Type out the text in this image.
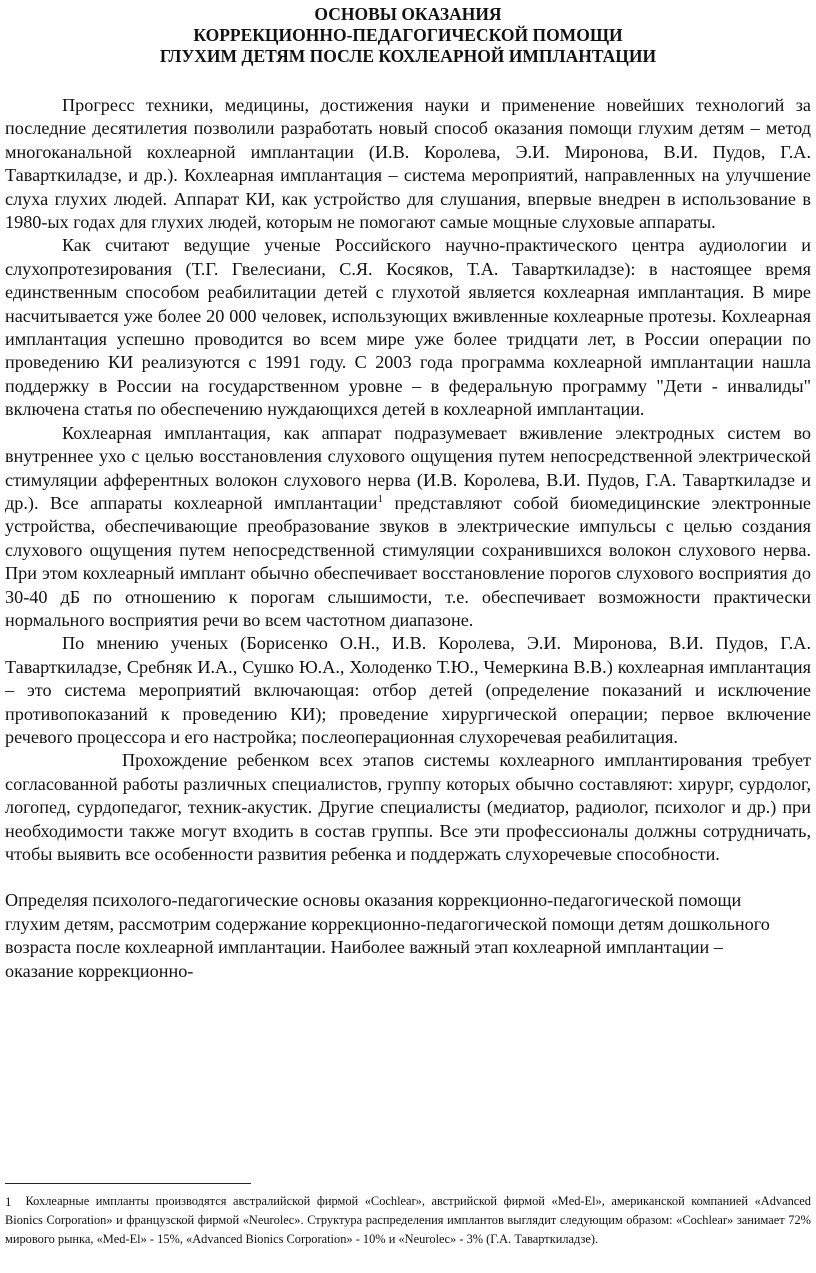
ОСНОВЫ ОКАЗАНИЯ
КОРРЕКЦИОННО-ПЕДАГОГИЧЕСКОЙ ПОМОЩИ
ГЛУХИМ ДЕТЯМ ПОСЛЕ КОХЛЕАРНОЙ ИМПЛАНТАЦИИ

Прогресс техники, медицины, достижения науки и применение новейших технологий за последние десятилетия позволили разработать новый способ оказания помощи глухим детям – метод многоканальной кохлеарной имплантации (И.В. Королева, Э.И. Миронова, В.И. Пудов, Г.А. Таварткиладзе, и др.). Кохлеарная имплантация – система мероприятий, направленных на улучшение слуха глухих людей. Аппарат КИ, как устройство для слушания, впервые внедрен в использование в 1980-ых годах для глухих людей, которым не помогают самые мощные слуховые аппараты.

Как считают ведущие ученые Российского научно-практического центра аудиологии и слухопротезирования (Т.Г. Гвелесиани, С.Я. Косяков, Т.А. Таварткиладзе): в настоящее время единственным способом реабилитации детей с глухотой является кохлеарная имплантация. В мире насчитывается уже более 20 000 человек, использующих вживленные кохлеарные протезы. Кохлеарная имплантация успешно проводится во всем мире уже более тридцати лет, в России операции по проведению КИ реализуются с 1991 году. С 2003 года программа кохлеарной имплантации нашла поддержку в России на государственном уровне – в федеральную программу "Дети - инвалиды" включена статья по обеспечению нуждающихся детей в кохлеарной имплантации.

Кохлеарная имплантация, как аппарат подразумевает вживление электродных систем во внутреннее ухо с целью восстановления слухового ощущения путем непосредственной электрической стимуляции афферентных волокон слухового нерва (И.В. Королева, В.И. Пудов, Г.А. Таварткиладзе и др.). Все аппараты кохлеарной имплантации$^1$ представляют собой биомедицинские электронные устройства, обеспечивающие преобразование звуков в электрические импульсы с целью создания слухового ощущения путем непосредственной стимуляции сохранившихся волокон слухового нерва. При этом кохлеарный имплант обычно обеспечивает восстановление порогов слухового восприятия до 30-40 дБ по отношению к порогам слышимости, т.е. обеспечивает возможности практически нормального восприятия речи во всем частотном диапазоне.

По мнению ученых (Борисенко О.Н., И.В. Королева, Э.И. Миронова, В.И. Пудов, Г.А. Таварткиладзе, Сребняк И.А., Сушко Ю.А., Холоденко Т.Ю., Чемеркина В.В.) кохлеарная имплантация – это система мероприятий включающая: отбор детей (определение показаний и исключение противопоказаний к проведению КИ); проведение хирургической операции; первое включение речевого процессора и его настройка; послеоперационная слухоречевая реабилитация.

Прохождение ребенком всех этапов системы кохлеарного имплантирования требует согласованной работы различных специалистов, группу которых обычно составляют: хирург, сурдолог, логопед, сурдопедагог, техник-акустик. Другие специалисты (медиатор, радиолог, психолог и др.) при необходимости также могут входить в состав группы. Все эти профессионалы должны сотрудничать, чтобы выявить все особенности развития ребенка и поддержать слухоречевые способности.

Определяя психолого-педагогические основы оказания коррекционно-педагогической помощи глухим детям, рассмотрим содержание коррекционно-педагогической помощи детям дошкольного возраста после кохлеарной имплантации. Наиболее важный этап кохлеарной имплантации – оказание коррекционно-

1 Кохлеарные импланты производятся австралийской фирмой «Cochlear», австрийской фирмой «Med-El», американской компанией «Advanced Bionics Corporation» и французской фирмой «Neurolec». Структура распределения имплантов выглядит следующим образом: «Cochlear» занимает 72% мирового рынка, «Med-El» - 15%, «Advanced Bionics Corporation» - 10% и «Neurolec» - 3% (Г.А. Таварткиладзе).
